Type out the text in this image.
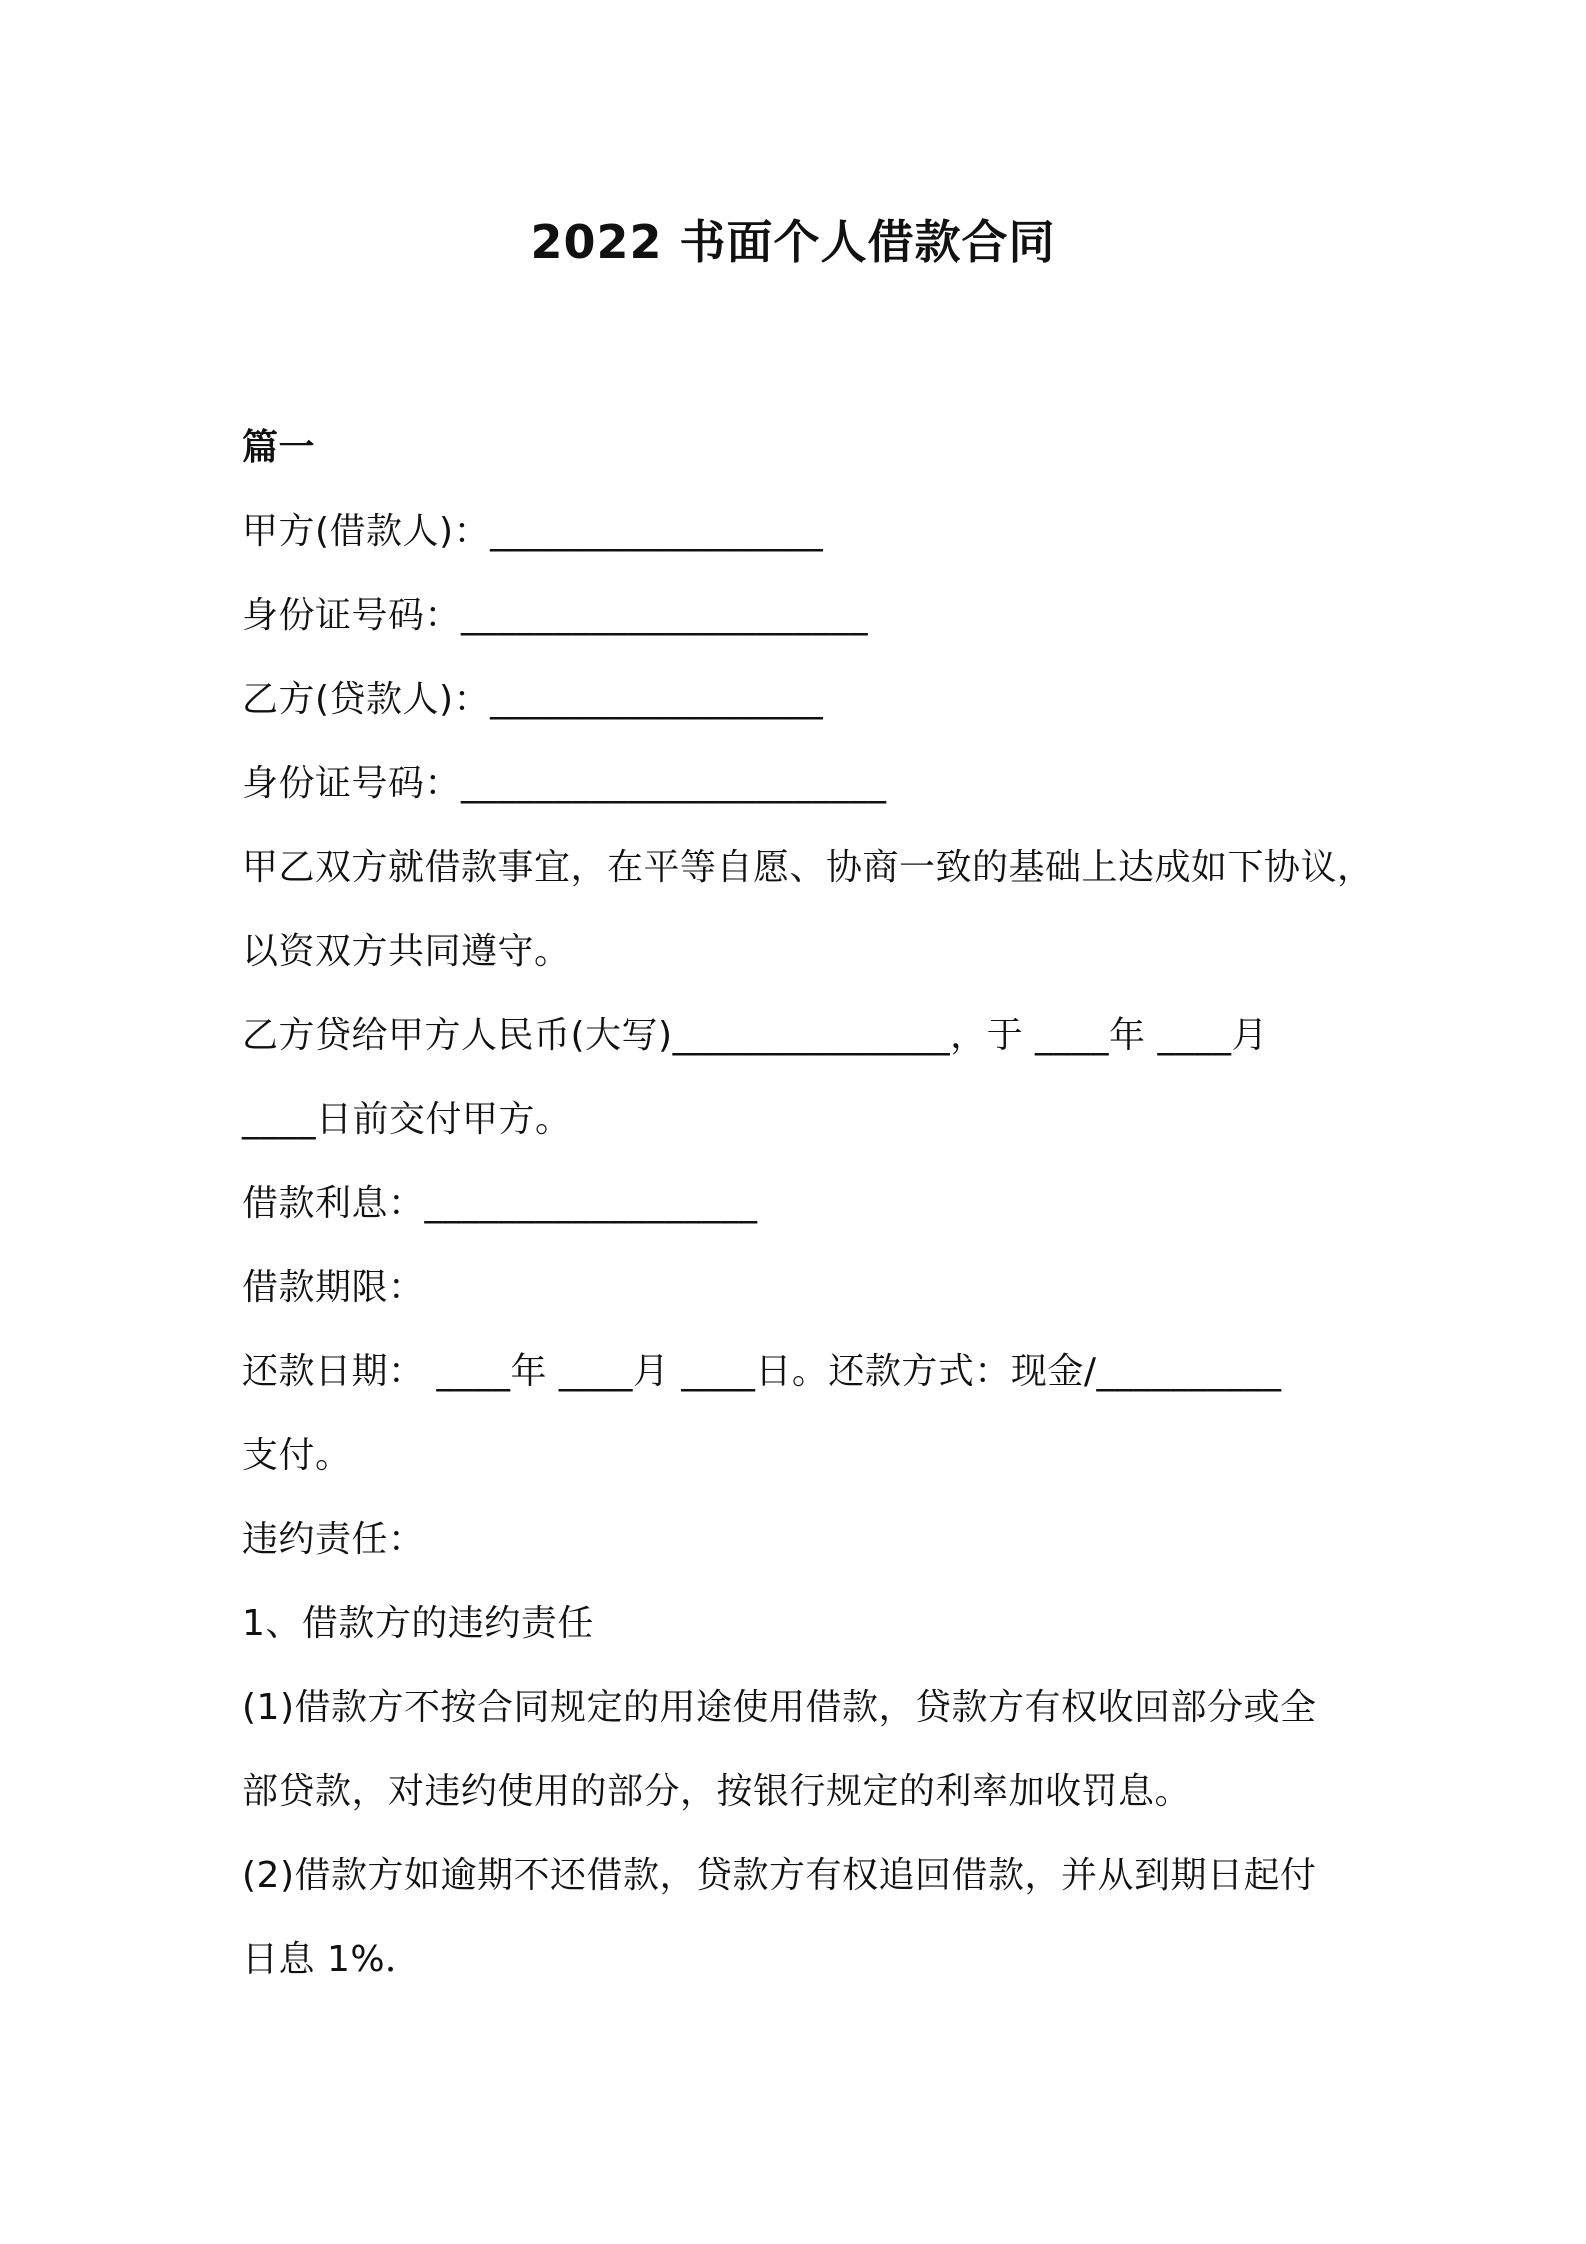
2022 书面个人借款合同
篇一
甲方(借款人)：__________________
身份证号码：______________________
乙方(贷款人)：__________________
身份证号码：_______________________
甲乙双方就借款事宜，在平等自愿、协商一致的基础上达成如下协议，
以资双方共同遵守。
乙方贷给甲方人民币(大写)_______________，于 ____年 ____月
____日前交付甲方。
借款利息：__________________
借款期限：
还款日期： ____年 ____月 ____日。还款方式：现金/__________
支付。
违约责任：
1、借款方的违约责任
(1)借款方不按合同规定的用途使用借款，贷款方有权收回部分或全
部贷款，对违约使用的部分，按银行规定的利率加收罚息。
(2)借款方如逾期不还借款，贷款方有权追回借款，并从到期日起付
日息 1%．
